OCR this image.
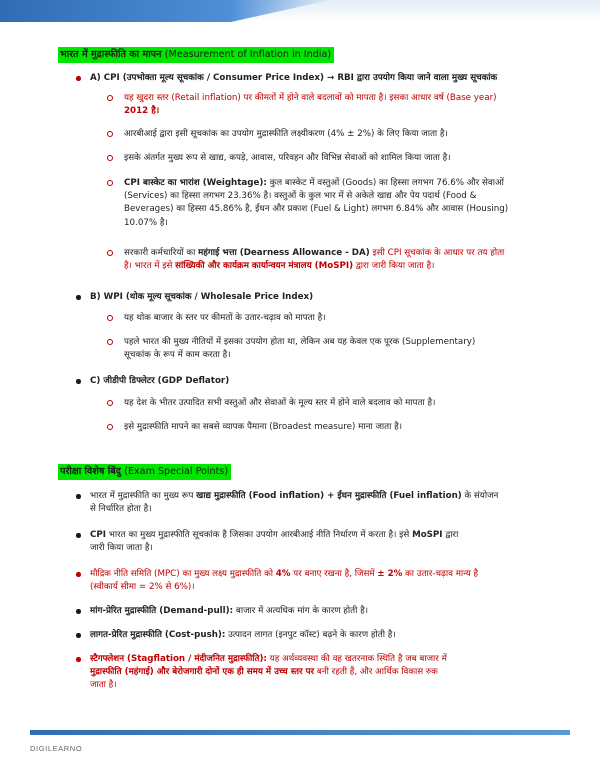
भारत में मुद्रास्फीति का मापन (Measurement of Inflation in India)
A) CPI (उपभोक्ता मूल्य सूचकांक / Consumer Price Index) → RBI द्वारा उपयोग किया जाने वाला मुख्य सूचकांक
यह खुदरा स्तर (Retail inflation) पर कीमतों में होने वाले बदलावों को मापता है। इसका आधार वर्ष (Base year)
2012 है।
आरबीआई द्वारा इसी सूचकांक का उपयोग मुद्रास्फीति लक्ष्यीकरण (4% ± 2%) के लिए किया जाता है।
इसके अंतर्गत मुख्य रूप से खाद्य, कपड़े, आवास, परिवहन और विभिन्न सेवाओं को शामिल किया जाता है।
CPI बास्केट का भारांश (Weightage): कुल बास्केट में वस्तुओं (Goods) का हिस्सा लगभग 76.6% और सेवाओं
(Services) का हिस्सा लगभग 23.36% है। वस्तुओं के कुल भार में से अकेले खाद्य और पेय पदार्थ (Food &
Beverages) का हिस्सा 45.86% है, ईंधन और प्रकाश (Fuel & Light) लगभग 6.84% और आवास (Housing)
10.07% है।
सरकारी कर्मचारियों का महंगाई भत्ता (Dearness Allowance - DA) इसी CPI सूचकांक के आधार पर तय होता
है। भारत में इसे सांख्यिकी और कार्यक्रम कार्यान्वयन मंत्रालय (MoSPI) द्वारा जारी किया जाता है।
B) WPI (थोक मूल्य सूचकांक / Wholesale Price Index)
यह थोक बाजार के स्तर पर कीमतों के उतार-चढ़ाव को मापता है।
पहले भारत की मुख्य नीतियों में इसका उपयोग होता था, लेकिन अब यह केवल एक पूरक (Supplementary)
सूचकांक के रूप में काम करता है।
C) जीडीपी डिफ्लेटर (GDP Deflator)
यह देश के भीतर उत्पादित सभी वस्तुओं और सेवाओं के मूल्य स्तर में होने वाले बदलाव को मापता है।
इसे मुद्रास्फीति मापने का सबसे व्यापक पैमाना (Broadest measure) माना जाता है।
परीक्षा विशेष बिंदु (Exam Special Points)
भारत में मुद्रास्फीति का मुख्य रूप खाद्य मुद्रास्फीति (Food inflation) + ईंधन मुद्रास्फीति (Fuel inflation) के संयोजन
से निर्धारित होता है।
CPI भारत का मुख्य मुद्रास्फीति सूचकांक है जिसका उपयोग आरबीआई नीति निर्धारण में करता है। इसे MoSPI द्वारा
जारी किया जाता है।
मौद्रिक नीति समिति (MPC) का मुख्य लक्ष्य मुद्रास्फीति को 4% पर बनाए रखना है, जिसमें ± 2% का उतार-चढ़ाव मान्य है
(स्वीकार्य सीमा = 2% से 6%)।
मांग-प्रेरित मुद्रास्फीति (Demand-pull): बाजार में अत्यधिक मांग के कारण होती है।
लागत-प्रेरित मुद्रास्फीति (Cost-push): उत्पादन लागत (इनपुट कॉस्ट) बढ़ने के कारण होती है।
स्टैगफ्लेशन (Stagflation / मंदीजनित मुद्रास्फीति): यह अर्थव्यवस्था की वह खतरनाक स्थिति है जब बाजार में
मुद्रास्फीति (महंगाई) और बेरोजगारी दोनों एक ही समय में उच्च स्तर पर बनी रहती हैं, और आर्थिक विकास रुक
जाता है।
DIGILEARNO
